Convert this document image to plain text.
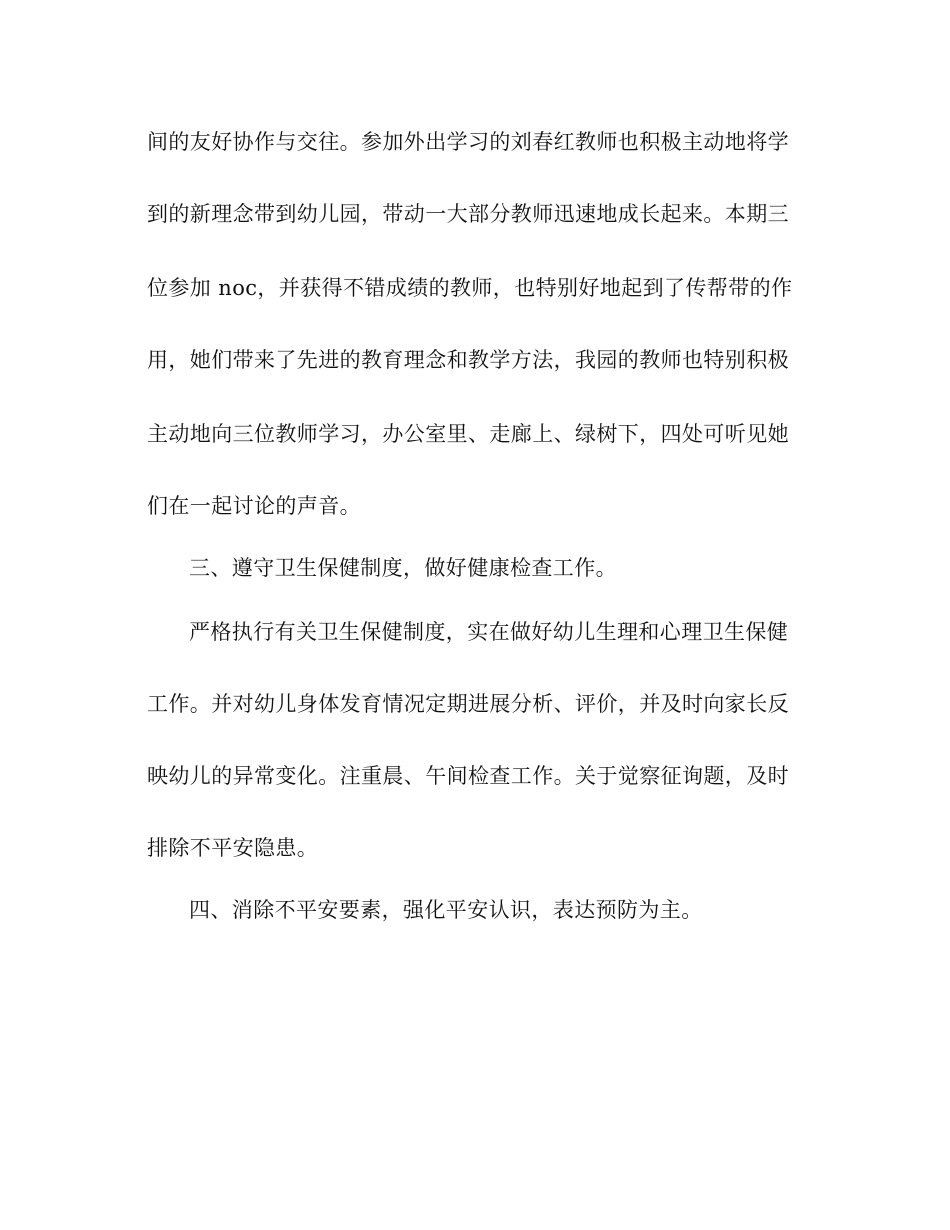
间的友好协作与交往。参加外出学习的刘春红教师也积极主动地将学
到的新理念带到幼儿园，带动一大部分教师迅速地成长起来。本期三
位参加 noc，并获得不错成绩的教师，也特别好地起到了传帮带的作
用，她们带来了先进的教育理念和教学方法，我园的教师也特别积极
主动地向三位教师学习，办公室里、走廊上、绿树下，四处可听见她
们在一起讨论的声音。
三、遵守卫生保健制度，做好健康检查工作。
严格执行有关卫生保健制度，实在做好幼儿生理和心理卫生保健
工作。并对幼儿身体发育情况定期进展分析、评价，并及时向家长反
映幼儿的异常变化。注重晨、午间检查工作。关于觉察征询题，及时
排除不平安隐患。
四、消除不平安要素，强化平安认识，表达预防为主。
